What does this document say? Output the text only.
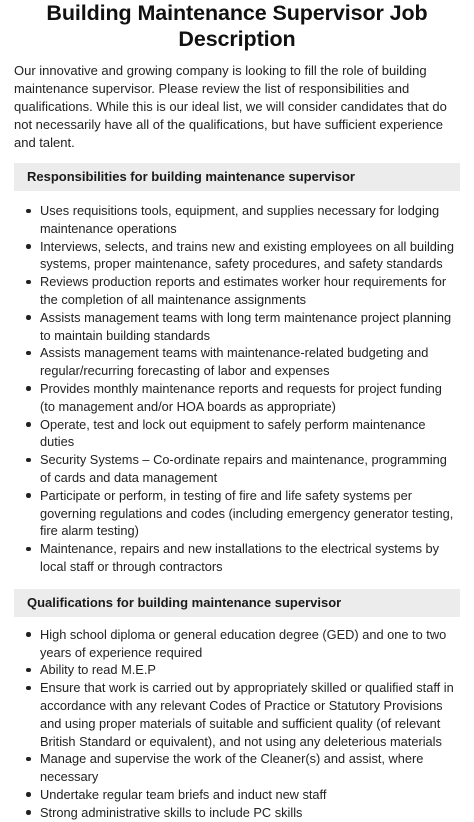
Building Maintenance Supervisor Job Description

Our innovative and growing company is looking to fill the role of building maintenance supervisor. Please review the list of responsibilities and qualifications. While this is our ideal list, we will consider candidates that do not necessarily have all of the qualifications, but have sufficient experience and talent.

Responsibilities for building maintenance supervisor
Uses requisitions tools, equipment, and supplies necessary for lodging maintenance operations
Interviews, selects, and trains new and existing employees on all building systems, proper maintenance, safety procedures, and safety standards
Reviews production reports and estimates worker hour requirements for the completion of all maintenance assignments
Assists management teams with long term maintenance project planning to maintain building standards
Assists management teams with maintenance-related budgeting and regular/recurring forecasting of labor and expenses
Provides monthly maintenance reports and requests for project funding (to management and/or HOA boards as appropriate)
Operate, test and lock out equipment to safely perform maintenance duties
Security Systems – Co-ordinate repairs and maintenance, programming of cards and data management
Participate or perform, in testing of fire and life safety systems per governing regulations and codes (including emergency generator testing, fire alarm testing)
Maintenance, repairs and new installations to the electrical systems by local staff or through contractors
Qualifications for building maintenance supervisor
High school diploma or general education degree (GED) and one to two years of experience required
Ability to read M.E.P
Ensure that work is carried out by appropriately skilled or qualified staff in accordance with any relevant Codes of Practice or Statutory Provisions and using proper materials of suitable and sufficient quality (of relevant British Standard or equivalent), and not using any deleterious materials
Manage and supervise the work of the Cleaner(s) and assist, where necessary
Undertake regular team briefs and induct new staff
Strong administrative skills to include PC skills
